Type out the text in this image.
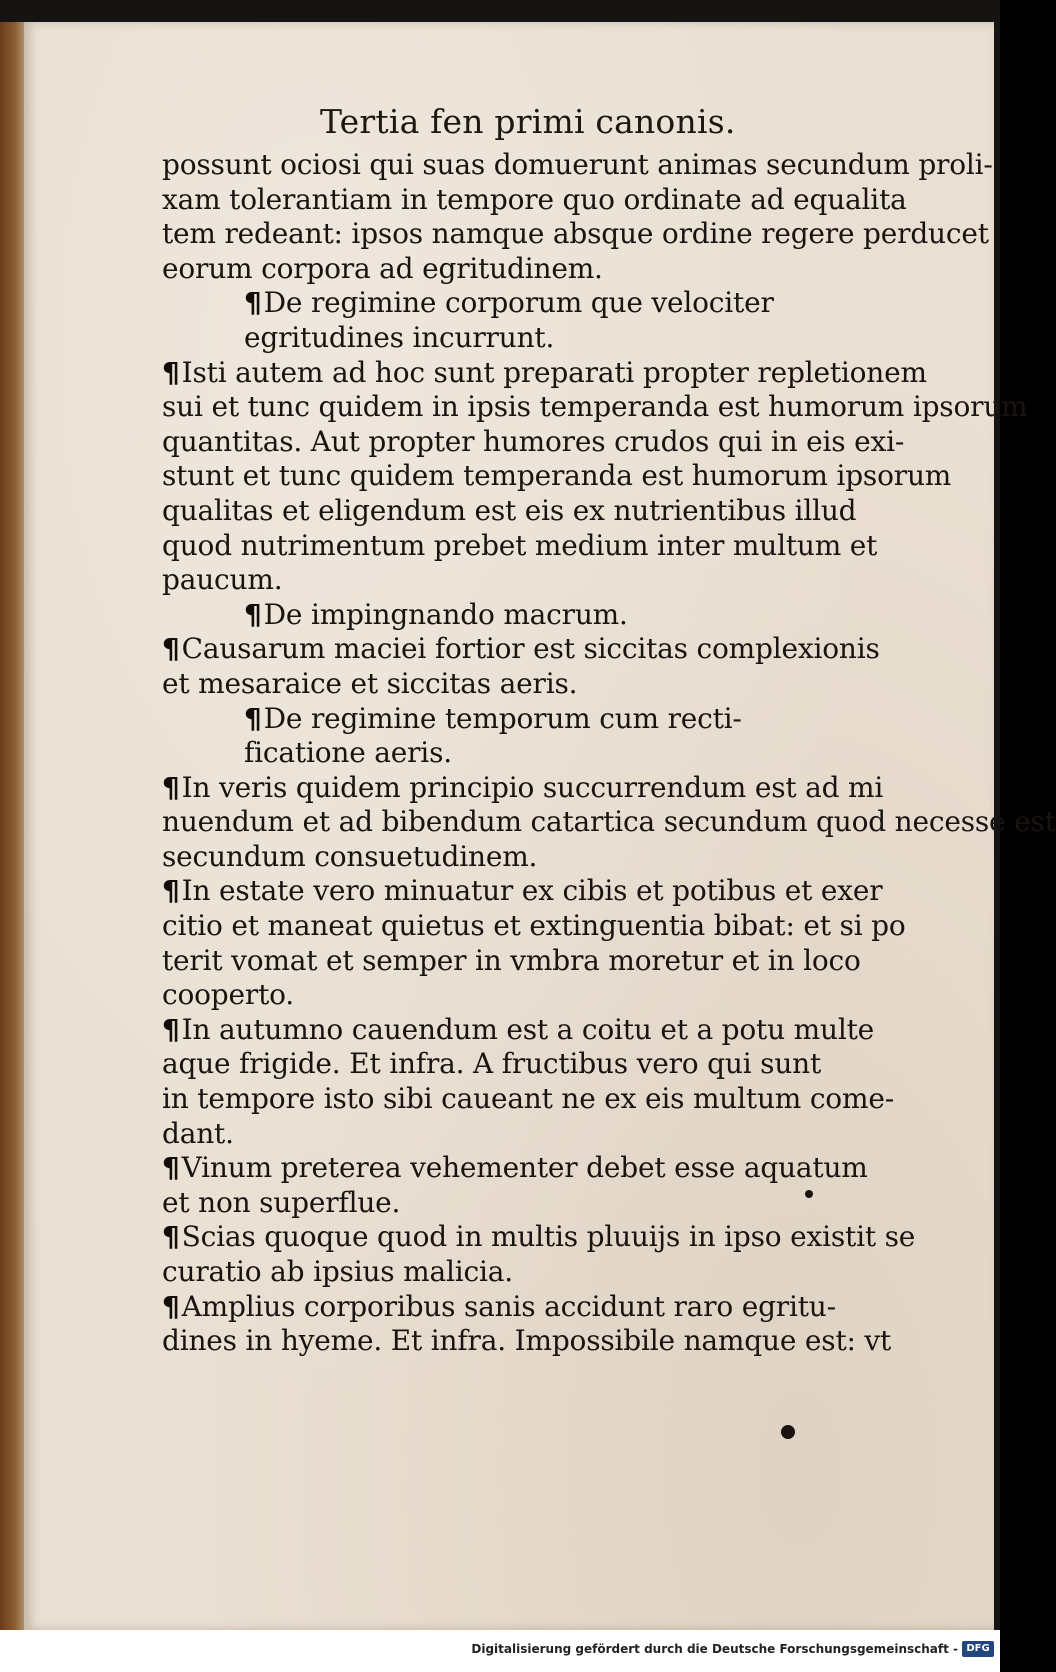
Tertia fen primi canonis.
possunt ociosi qui suas domuerunt animas secundum proli-
xam tolerantiam in tempore quo ordinate ad equalita
tem redeant: ipsos namque absque ordine regere perducet
eorum corpora ad egritudinem.
¶De regimine corporum que velociter
egritudines incurrunt.
¶Isti autem ad hoc sunt preparati propter repletionem
sui et tunc quidem in ipsis temperanda est humorum ipsorum
quantitas. Aut propter humores crudos qui in eis exi-
stunt et tunc quidem temperanda est humorum ipsorum
qualitas et eligendum est eis ex nutrientibus illud
quod nutrimentum prebet medium inter multum et
paucum.
¶De impingnando macrum.
¶Causarum maciei fortior est siccitas complexionis
et mesaraice et siccitas aeris.
¶De regimine temporum cum recti-
ficatione aeris.
¶In veris quidem principio succurrendum est ad mi
nuendum et ad bibendum catartica secundum quod necesse est
secundum consuetudinem.
¶In estate vero minuatur ex cibis et potibus et exer
citio et maneat quietus et extinguentia bibat: et si po
terit vomat et semper in vmbra moretur et in loco
cooperto.
¶In autumno cauendum est a coitu et a potu multe
aque frigide. Et infra. A fructibus vero qui sunt
in tempore isto sibi caueant ne ex eis multum come-
dant.
¶Vinum preterea vehementer debet esse aquatum
et non superflue.
¶Scias quoque quod in multis pluuijs in ipso existit se
curatio ab ipsius malicia.
¶Amplius corporibus sanis accidunt raro egritu-
dines in hyeme. Et infra. Impossibile namque est: vt
Digitalisierung gefördert durch die Deutsche Forschungsgemeinschaft - DFG
